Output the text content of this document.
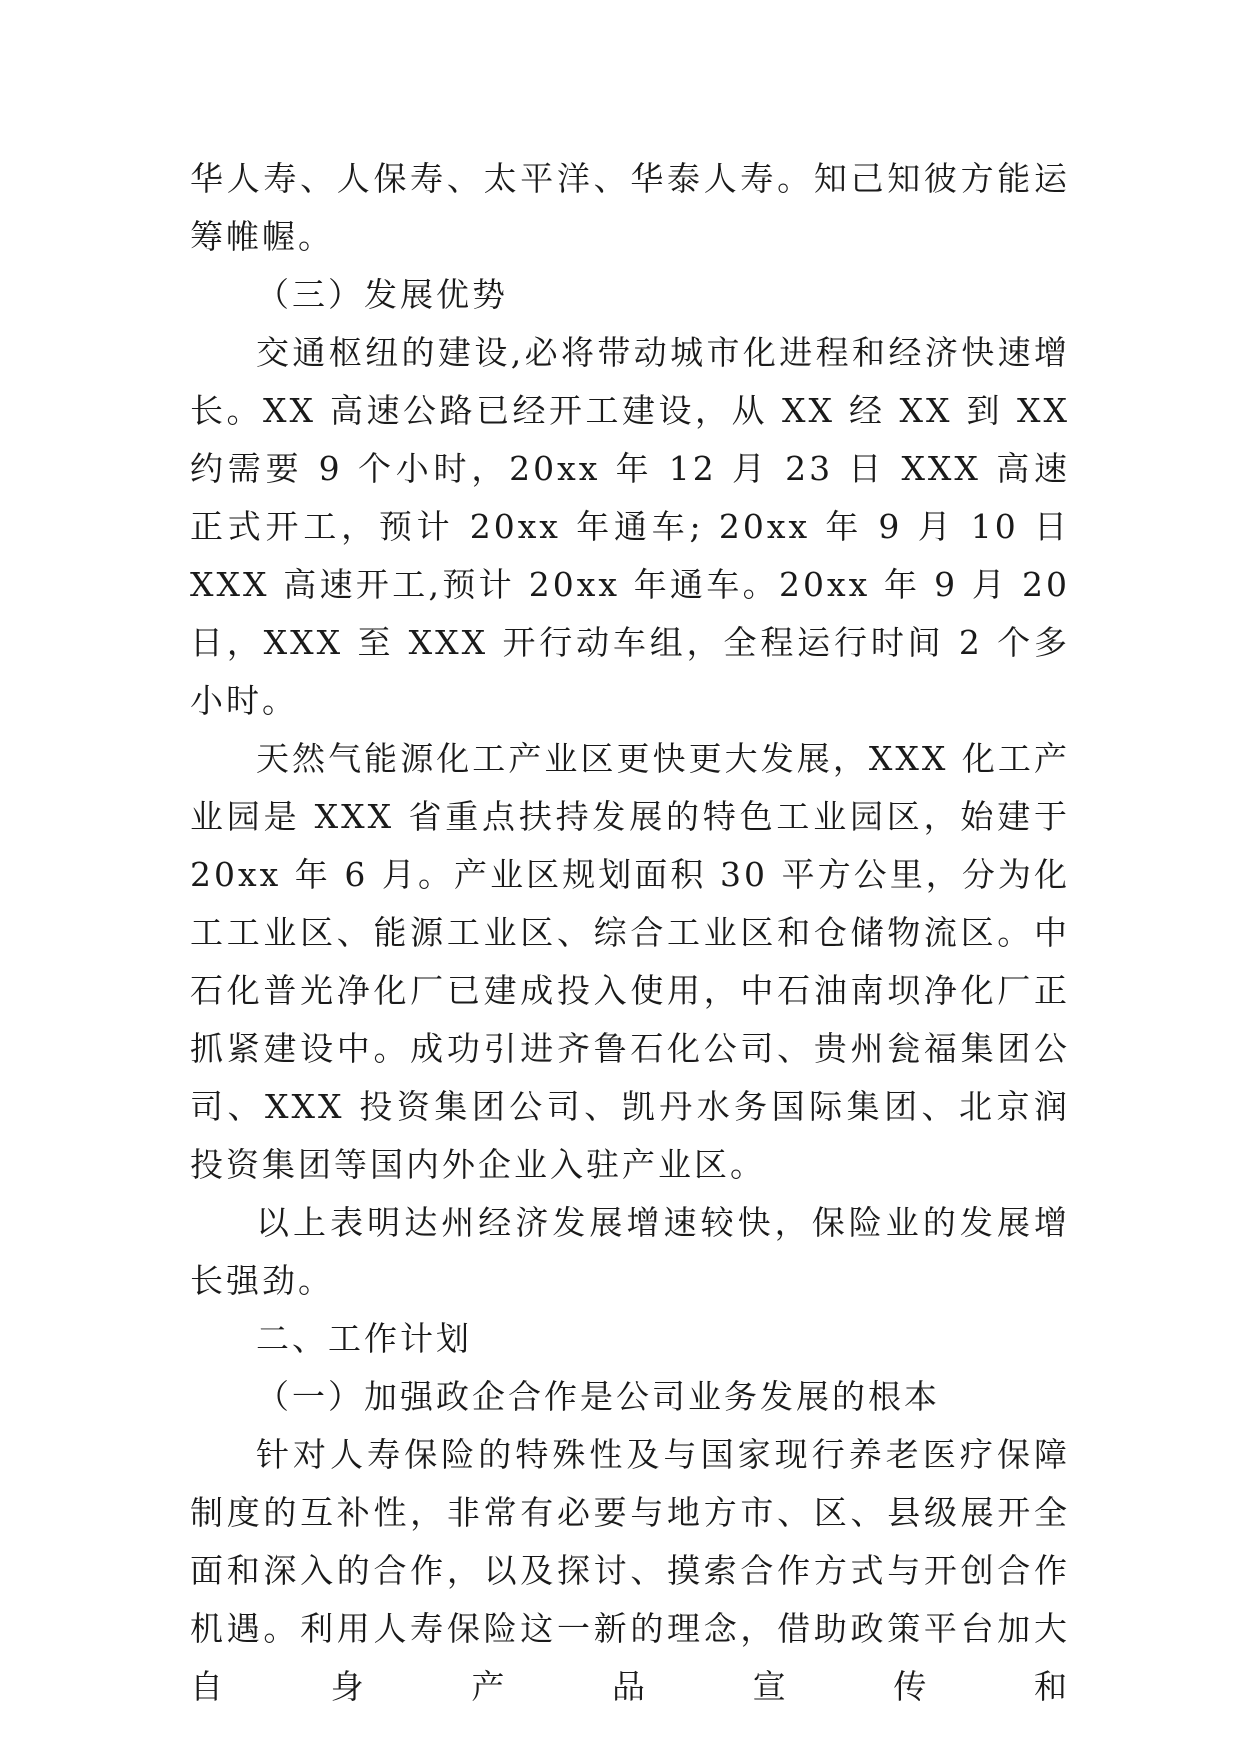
华人寿、人保寿、太平洋、华泰人寿。知己知彼方能运筹帷幄。

（三）发展优势

交通枢纽的建设,必将带动城市化进程和经济快速增长。XX 高速公路已经开工建设，从 XX 经 XX 到 XX 约需要 9 个小时，20xx 年 12 月 23 日 XXX 高速正式开工，预计 20xx 年通车; 20xx 年 9 月 10 日 XXX 高速开工,预计 20xx 年通车。20xx 年 9 月 20 日，XXX 至 XXX 开行动车组，全程运行时间 2 个多小时。

天然气能源化工产业区更快更大发展，XXX 化工产业园是 XXX 省重点扶持发展的特色工业园区，始建于 20xx 年 6 月。产业区规划面积 30 平方公里，分为化工工业区、能源工业区、综合工业区和仓储物流区。中石化普光净化厂已建成投入使用，中石油南坝净化厂正抓紧建设中。成功引进齐鲁石化公司、贵州瓮福集团公司、XXX 投资集团公司、凯丹水务国际集团、北京润投资集团等国内外企业入驻产业区。

以上表明达州经济发展增速较快，保险业的发展增长强劲。

二、工作计划

（一）加强政企合作是公司业务发展的根本

针对人寿保险的特殊性及与国家现行养老医疗保障制度的互补性，非常有必要与地方市、区、县级展开全面和深入的合作，以及探讨、摸索合作方式与开创合作机遇。利用人寿保险这一新的理念，借助政策平台加大自身产品宣传和
